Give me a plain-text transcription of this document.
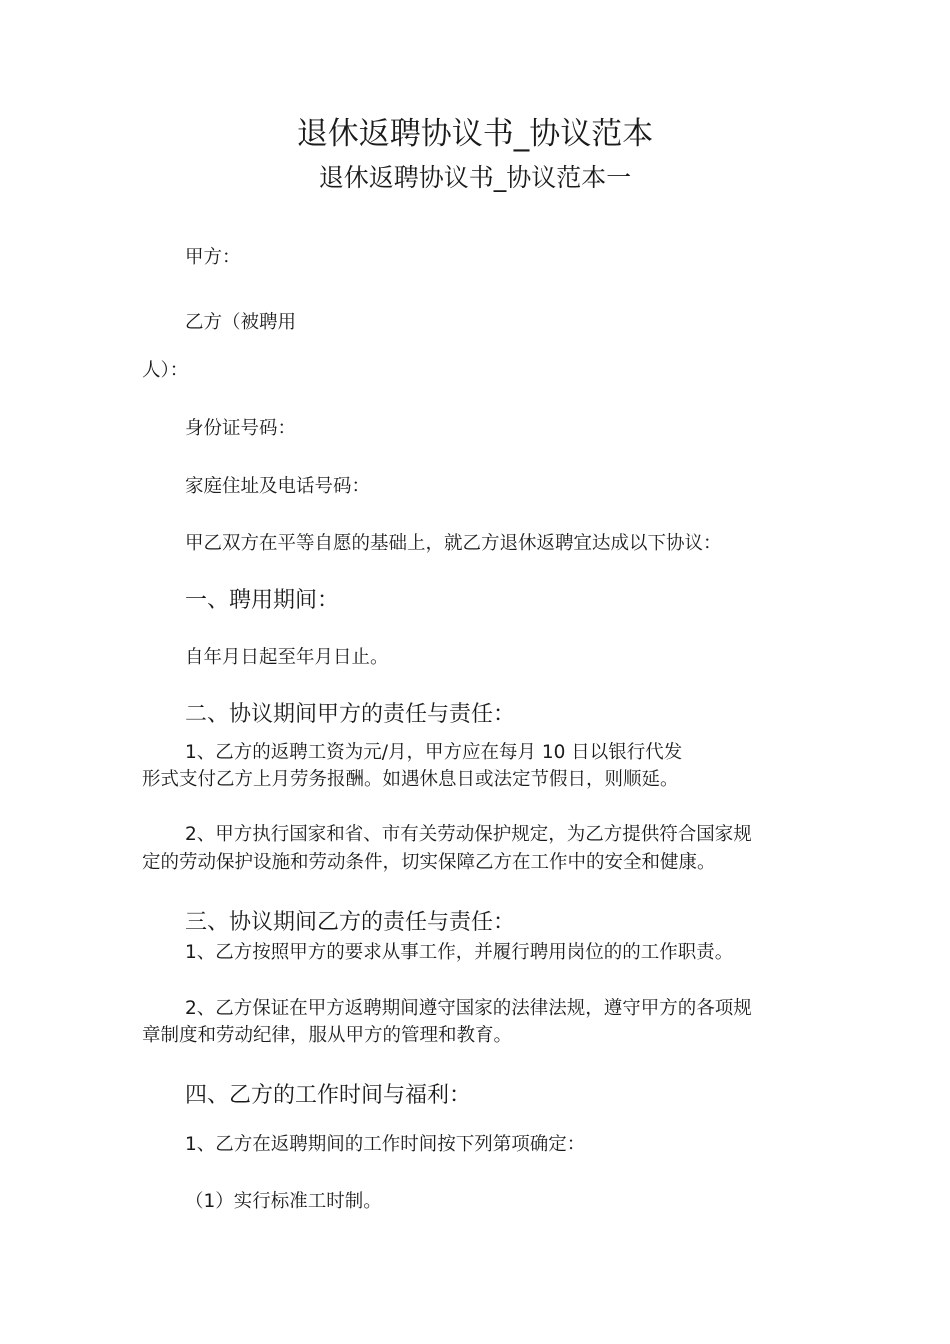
退休返聘协议书_协议范本
退休返聘协议书_协议范本一

甲方：

乙方（被聘用

人）：

身份证号码：

家庭住址及电话号码：

甲乙双方在平等自愿的基础上，就乙方退休返聘宜达成以下协议：

一、聘用期间：

自年月日起至年月日止。

二、协议期间甲方的责任与责任：

1、乙方的返聘工资为元/月，甲方应在每月 10 日以银行代发

形式支付乙方上月劳务报酬。如遇休息日或法定节假日，则顺延。

2、甲方执行国家和省、市有关劳动保护规定，为乙方提供符合国家规

定的劳动保护设施和劳动条件，切实保障乙方在工作中的安全和健康。

三、协议期间乙方的责任与责任：

1、乙方按照甲方的要求从事工作，并履行聘用岗位的的工作职责。

2、乙方保证在甲方返聘期间遵守国家的法律法规，遵守甲方的各项规

章制度和劳动纪律，服从甲方的管理和教育。

四、乙方的工作时间与福利：

1、乙方在返聘期间的工作时间按下列第项确定：

（1）实行标准工时制。
